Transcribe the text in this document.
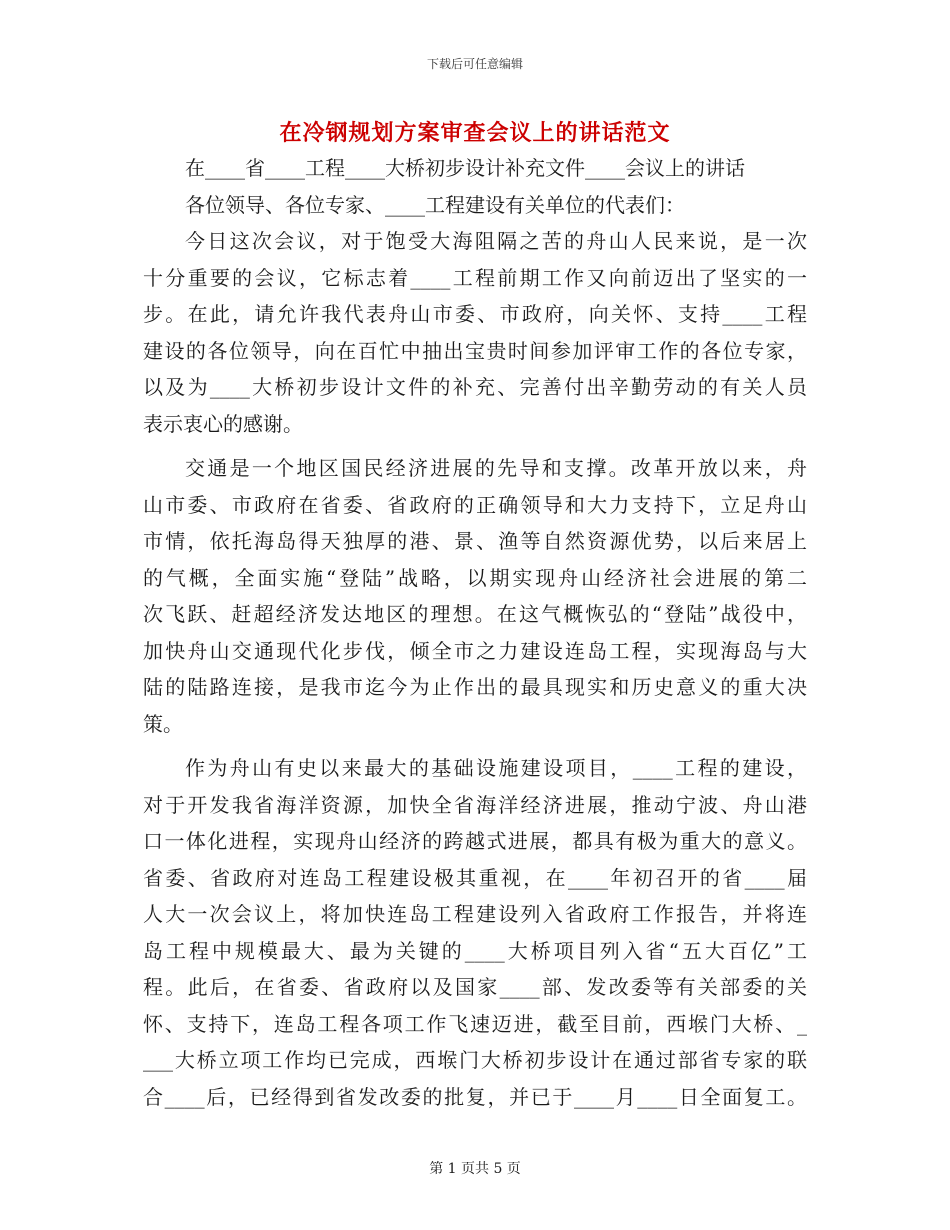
下载后可任意编辑
在冷钢规划方案审查会议上的讲话范文
在____省____工程____大桥初步设计补充文件____会议上的讲话
各位领导、各位专家、____工程建设有关单位的代表们：
今日这次会议，对于饱受大海阻隔之苦的舟山人民来说，是一次
十分重要的会议，它标志着____工程前期工作又向前迈出了坚实的一
步。在此，请允许我代表舟山市委、市政府，向关怀、支持____工程
建设的各位领导，向在百忙中抽出宝贵时间参加评审工作的各位专家，
以及为____大桥初步设计文件的补充、完善付出辛勤劳动的有关人员
表示衷心的感谢。
交通是一个地区国民经济进展的先导和支撑。改革开放以来，舟
山市委、市政府在省委、省政府的正确领导和大力支持下，立足舟山
市情，依托海岛得天独厚的港、景、渔等自然资源优势，以后来居上
的气概，全面实施“登陆”战略，以期实现舟山经济社会进展的第二
次飞跃、赶超经济发达地区的理想。在这气概恢弘的“登陆”战役中，
加快舟山交通现代化步伐，倾全市之力建设连岛工程，实现海岛与大
陆的陆路连接，是我市迄今为止作出的最具现实和历史意义的重大决
策。
作为舟山有史以来最大的基础设施建设项目，____工程的建设，
对于开发我省海洋资源，加快全省海洋经济进展，推动宁波、舟山港
口一体化进程，实现舟山经济的跨越式进展，都具有极为重大的意义。
省委、省政府对连岛工程建设极其重视，在____年初召开的省____届
人大一次会议上，将加快连岛工程建设列入省政府工作报告，并将连
岛工程中规模最大、最为关键的____大桥项目列入省“五大百亿”工
程。此后，在省委、省政府以及国家____部、发改委等有关部委的关
怀、支持下，连岛工程各项工作飞速迈进，截至目前，西堠门大桥、_
___大桥立项工作均已完成，西堠门大桥初步设计在通过部省专家的联
合____后，已经得到省发改委的批复，并已于____月____日全面复工。
第 1 页共 5 页
